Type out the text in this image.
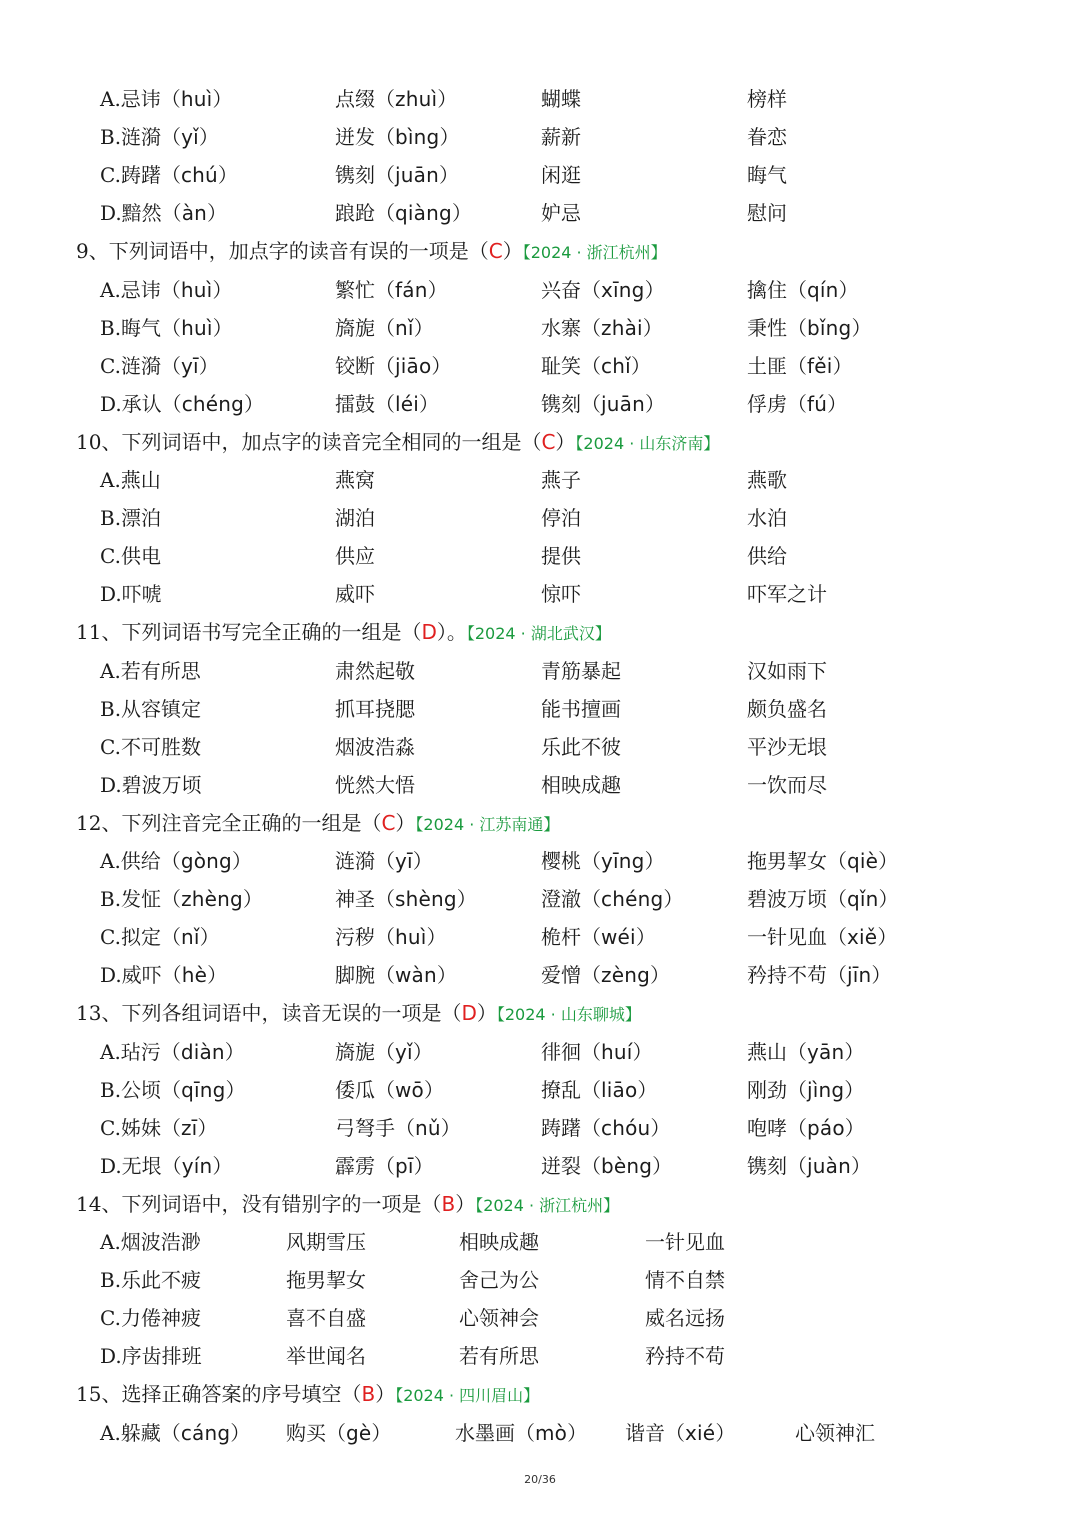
A.忌讳（huì）	点缀（zhuì）	蝴蝶	榜样
B.涟漪（yǐ）	迸发（bìng）	薪新	眷恋
C.踌躇（chú）	镌刻（juān）	闲逛	晦气
D.黯然（àn）	踉跄（qiàng）	妒忌	慰问
9、下列词语中，加点字的读音有误的一项是（C）【2024 · 浙江杭州】
A.忌讳（huì）	繁忙（fán）	兴奋（xīng）	擒住（qín）
B.晦气（huì）	旖旎（nǐ）	水寨（zhài）	秉性（bǐng）
C.涟漪（yī）	铰断（jiāo）	耻笑（chǐ）	土匪（fěi）
D.承认（chéng）	擂鼓（léi）	镌刻（juān）	俘虏（fú）
10、下列词语中，加点字的读音完全相同的一组是（C）【2024 · 山东济南】
A.燕山	燕窝	燕子	燕歌
B.漂泊	湖泊	停泊	水泊
C.供电	供应	提供	供给
D.吓唬	威吓	惊吓	吓军之计
11、下列词语书写完全正确的一组是（D）。【2024 · 湖北武汉】
A.若有所思	肃然起敬	青筋暴起	汉如雨下
B.从容镇定	抓耳挠腮	能书擅画	颇负盛名
C.不可胜数	烟波浩淼	乐此不彼	平沙无垠
D.碧波万顷	恍然大悟	相映成趣	一饮而尽
12、下列注音完全正确的一组是（C）【2024 · 江苏南通】
A.供给（gòng）	涟漪（yī）	樱桃（yīng）	拖男挈女（qiè）
B.发怔（zhèng）	神圣（shèng）	澄澈（chéng）	碧波万顷（qǐn）
C.拟定（nǐ）	污秽（huì）	桅杆（wéi）	一针见血（xiě）
D.威吓（hè）	脚腕（wàn）	爱憎（zèng）	矜持不苟（jīn）
13、下列各组词语中，读音无误的一项是（D）【2024 · 山东聊城】
A.玷污（diàn）	旖旎（yǐ）	徘徊（huí）	燕山（yān）
B.公顷（qīng）	倭瓜（wō）	撩乱（liāo）	刚劲（jìng）
C.姊妹（zī）	弓弩手（nǔ）	踌躇（chóu）	咆哮（páo）
D.无垠（yín）	霹雳（pī）	迸裂（bèng）	镌刻（juàn）
14、下列词语中，没有错别字的一项是（B）【2024 · 浙江杭州】
A.烟波浩渺	风期雪压	相映成趣	一针见血
B.乐此不疲	拖男挈女	舍己为公	情不自禁
C.力倦神疲	喜不自盛	心领神会	威名远扬
D.序齿排班	举世闻名	若有所思	矜持不苟
15、选择正确答案的序号填空（B）【2024 · 四川眉山】
A.躲藏（cáng） 购买（gè）	水墨画（mò） 谐音（xié）	心领神汇
20/36
